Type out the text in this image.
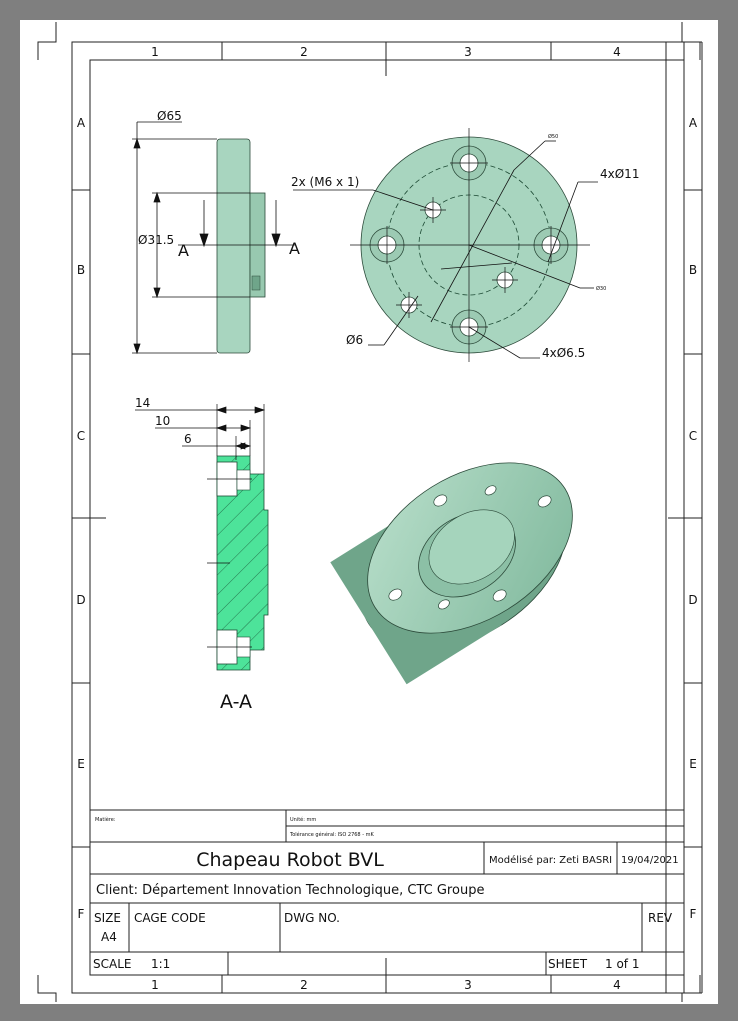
1	2	3	4
1	2	3	4
A
B
C
D
E
F
A
B
C
D
E
F
Ø65
Ø31.5
A	A
2x (M6 x 1)
4xØ11
4xØ6.5
Ø6
Ø50
Ø30
14
10
6
A-A
Matière:	Unité: mm
Tolérance général: ISO 2768 - mK
Chapeau Robot BVL	Modélisé par: Zeti BASRI 19/04/2021
Client: Département Innovation Technologique, CTC Groupe
SIZE
A4
CAGE CODE	DWG NO.	REV
SCALE 1:1	SHEET 1 of 1
